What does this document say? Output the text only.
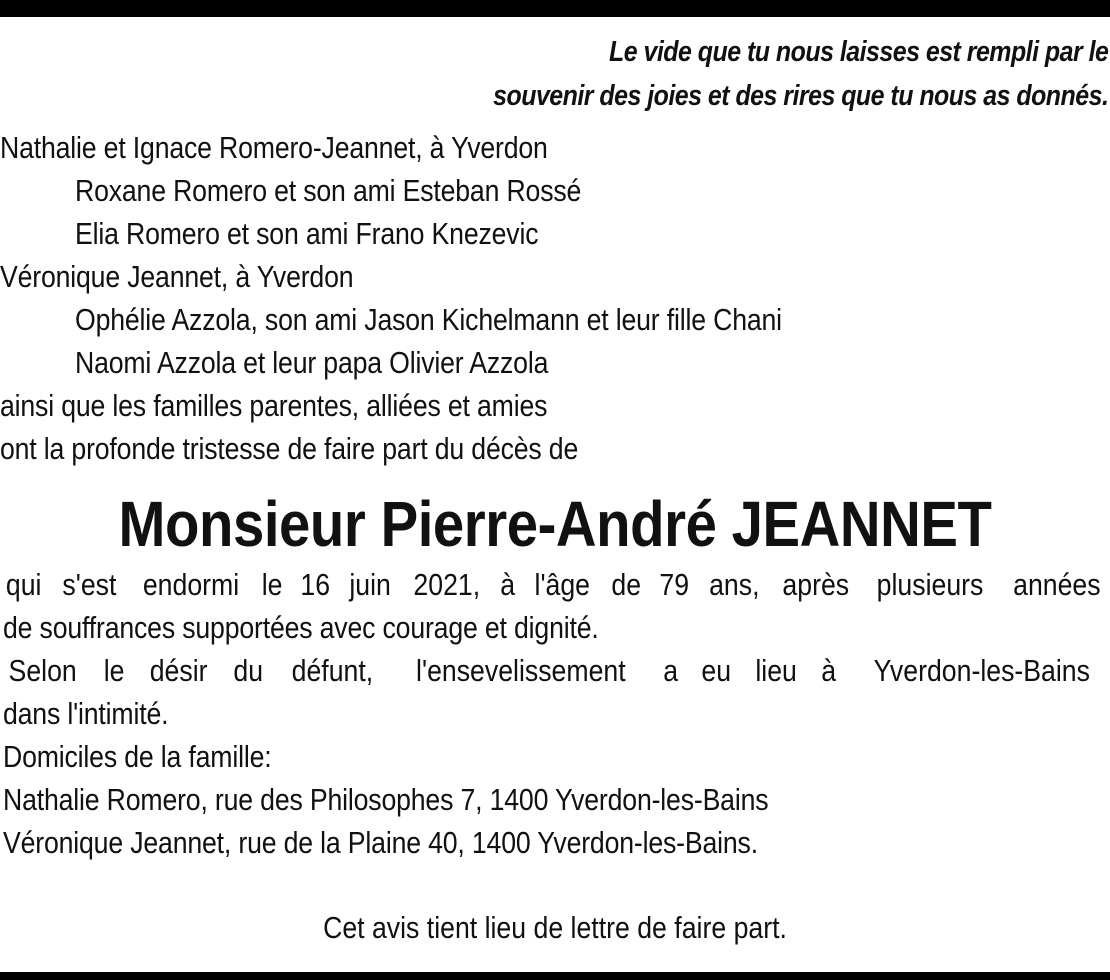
Le vide que tu nous laisses est rempli par le
souvenir des joies et des rires que tu nous as donnés.
Nathalie et Ignace Romero-Jeannet, à Yverdon
Roxane Romero et son ami Esteban Rossé
Elia Romero et son ami Frano Knezevic
Véronique Jeannet, à Yverdon
Ophélie Azzola, son ami Jason Kichelmann et leur fille Chani
Naomi Azzola et leur papa Olivier Azzola
ainsi que les familles parentes, alliées et amies
ont la profonde tristesse de faire part du décès de
Monsieur Pierre-André JEANNET
qui s'est endormi le 16 juin 2021, à l'âge de 79 ans, après plusieurs années
de souffrances supportées avec courage et dignité.
Selon le désir du défunt, l'ensevelissement a eu lieu à Yverdon-les-Bains
dans l'intimité.
Domiciles de la famille:
Nathalie Romero, rue des Philosophes 7, 1400 Yverdon-les-Bains
Véronique Jeannet, rue de la Plaine 40, 1400 Yverdon-les-Bains.
Cet avis tient lieu de lettre de faire part.
